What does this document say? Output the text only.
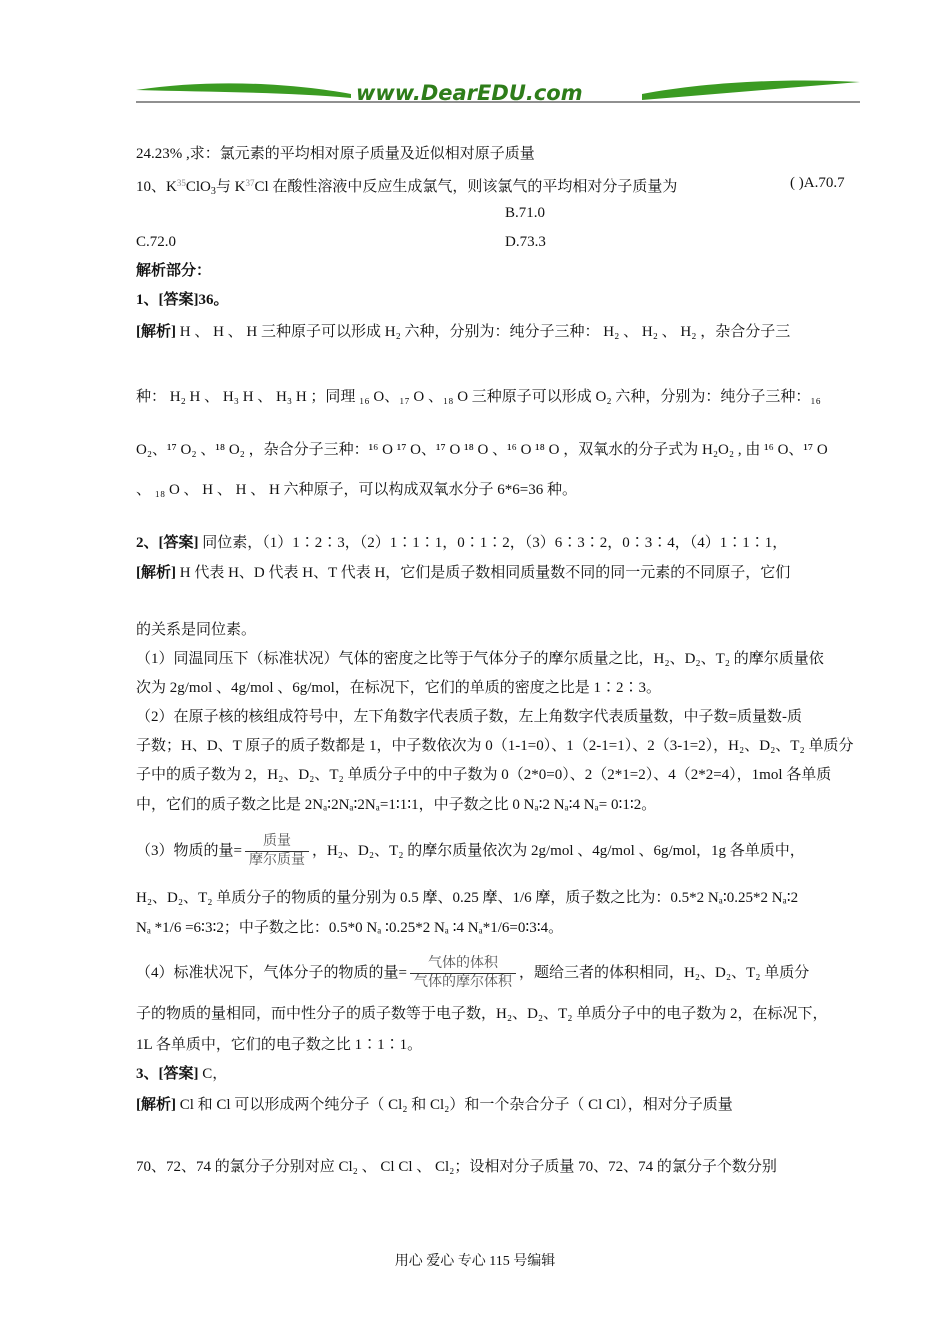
www.DearEDU.com
24.23% ,求：氯元素的平均相对原子质量及近似相对原子质量
10、$K^{35}ClO_3$与 $K^{37}Cl$ 在酸性溶液中反应生成氯气，则该氯气的平均相对分子质量为	( )A.70.7
B.71.0
C.72.0	D.73.3
解析部分：
1、[答案]36。
[解析] H 、 H 、 H 三种原子可以形成 H₂ 六种，分别为：纯分子三种： H₂ 、 H₂ 、 H₂ ，杂合分子三
种： H₂ H 、 H₃ H 、 H₃ H ；同理 ₁₆ O、₁₇ O 、₁₈ O 三种原子可以形成 O₂ 六种，分别为：纯分子三种：₁₆
O₂、¹⁷ O₂ 、¹⁸ O₂ ，杂合分子三种：¹⁶ O ¹⁷ O、¹⁷ O ¹⁸ O 、¹⁶ O ¹⁸ O ，双氧水的分子式为 H₂O₂ , 由 ¹⁶ O、¹⁷ O
、 ₁₈ O 、 H 、 H 、 H 六种原子，可以构成双氧水分子 6*6=36 种。
2、[答案] 同位素，（1）1∶2∶3，（2）1∶1∶1，0∶1∶2，（3）6∶3∶2，0∶3∶4，（4）1∶1∶1，
[解析] H 代表 H、D 代表 H、T 代表 H，它们是质子数相同质量数不同的同一元素的不同原子，它们
的关系是同位素。
（1）同温同压下（标准状况）气体的密度之比等于气体分子的摩尔质量之比，H₂、D₂、T₂ 的摩尔质量依
次为 2g/mol 、4g/mol 、6g/mol，在标况下，它们的单质的密度之比是 1∶2∶3。
（2）在原子核的核组成符号中，左下角数字代表质子数，左上角数字代表质量数，中子数=质量数-质
子数；H、D、T 原子的质子数都是 1，中子数依次为 0（1-1=0）、1（2-1=1）、2（3-1=2），H₂、D₂、T₂ 单质分
子中的质子数为 2，H₂、D₂、T₂ 单质分子中的中子数为 0（2*0=0）、2（2*1=2）、4（2*2=4），1mol 各单质
中，它们的质子数之比是 2Nₐ∶2Nₐ∶2Nₐ=1∶1∶1，中子数之比 0 Nₐ∶2 Nₐ∶4 Nₐ= 0∶1∶2。
（3）物质的量= $\frac{\text{质量}}{\text{摩尔质量}}$ ，H₂、D₂、T₂ 的摩尔质量依次为 2g/mol 、4g/mol 、6g/mol，1g 各单质中，
H₂、D₂、T₂ 单质分子的物质的量分别为 0.5 摩、0.25 摩、1/6 摩，质子数之比为：0.5*2 Nₐ∶0.25*2 Nₐ∶2
Nₐ *1/6 =6∶3∶2；中子数之比：0.5*0 Nₐ ∶0.25*2 Nₐ ∶4 Nₐ*1/6=0∶3∶4。
（4）标准状况下，气体分子的物质的量= $\frac{\text{气体的体积}}{\text{气体的摩尔体积}}$ ，题给三者的体积相同，H₂、D₂、T₂ 单质分
子的物质的量相同，而中性分子的质子数等于电子数，H₂、D₂、T₂ 单质分子中的电子数为 2，在标况下，
1L 各单质中，它们的电子数之比 1∶1∶1。
3、[答案] C，
[解析] Cl 和 Cl 可以形成两个纯分子（ Cl₂ 和 Cl₂）和一个杂合分子（ Cl Cl），相对分子质量
70、72、74 的氯分子分别对应 Cl₂ 、 Cl Cl 、 Cl₂；设相对分子质量 70、72、74 的氯分子个数分别
用心 爱心 专心 115 号编辑
